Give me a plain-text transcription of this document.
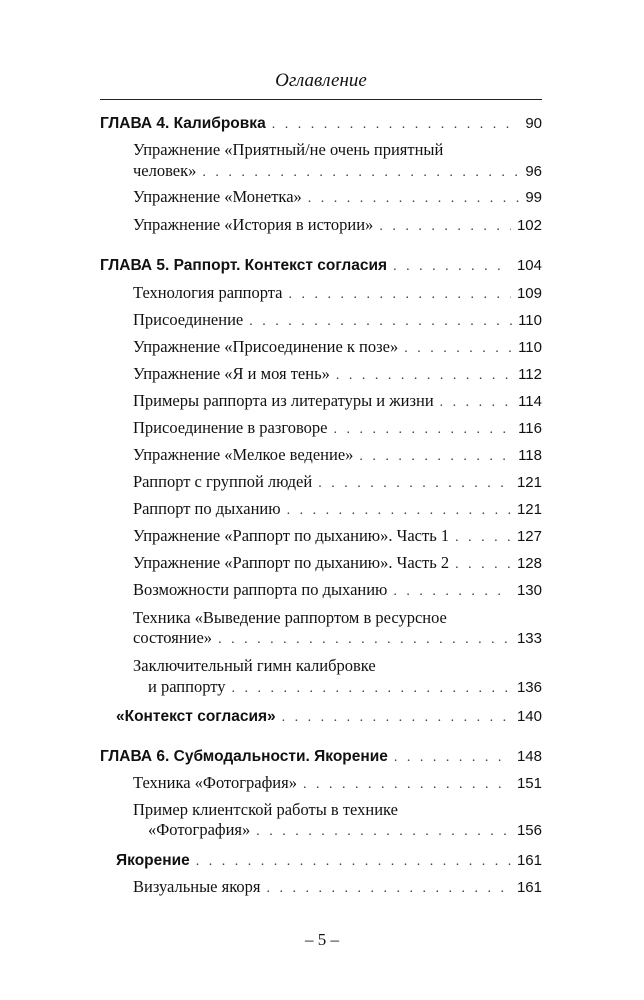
Оглавление
ГЛАВА 4. Калибровка . . .	90
Упражнение «Приятный/не очень приятный
человек» . . .	96
Упражнение «Монетка» . . .	99
Упражнение «История в истории» . . .	102
ГЛАВА 5. Раппорт. Контекст согласия . . .	104
Технология раппорта . . .	109
Присоединение . . .	110
Упражнение «Присоединение к позе» . . .	110
Упражнение «Я и моя тень» . . .	112
Примеры раппорта из литературы и жизни . . .	114
Присоединение в разговоре . . .	116
Упражнение «Мелкое ведение» . . .	118
Раппорт с группой людей . . .	121
Раппорт по дыханию . . .	121
Упражнение «Раппорт по дыханию». Часть 1 . . .	127
Упражнение «Раппорт по дыханию». Часть 2 . . .	128
Возможности раппорта по дыханию . . .	130
Техника «Выведение раппортом в ресурсное
состояние» . . .	133
Заключительный гимн калибровке
и раппорту . . .	136
«Контекст согласия» . . .	140
ГЛАВА 6. Субмодальности. Якорение . . .	148
Техника «Фотография» . . .	151
Пример клиентской работы в технике
«Фотография» . . .	156
Якорение . . .	161
Визуальные якоря . . .	161
– 5 –
